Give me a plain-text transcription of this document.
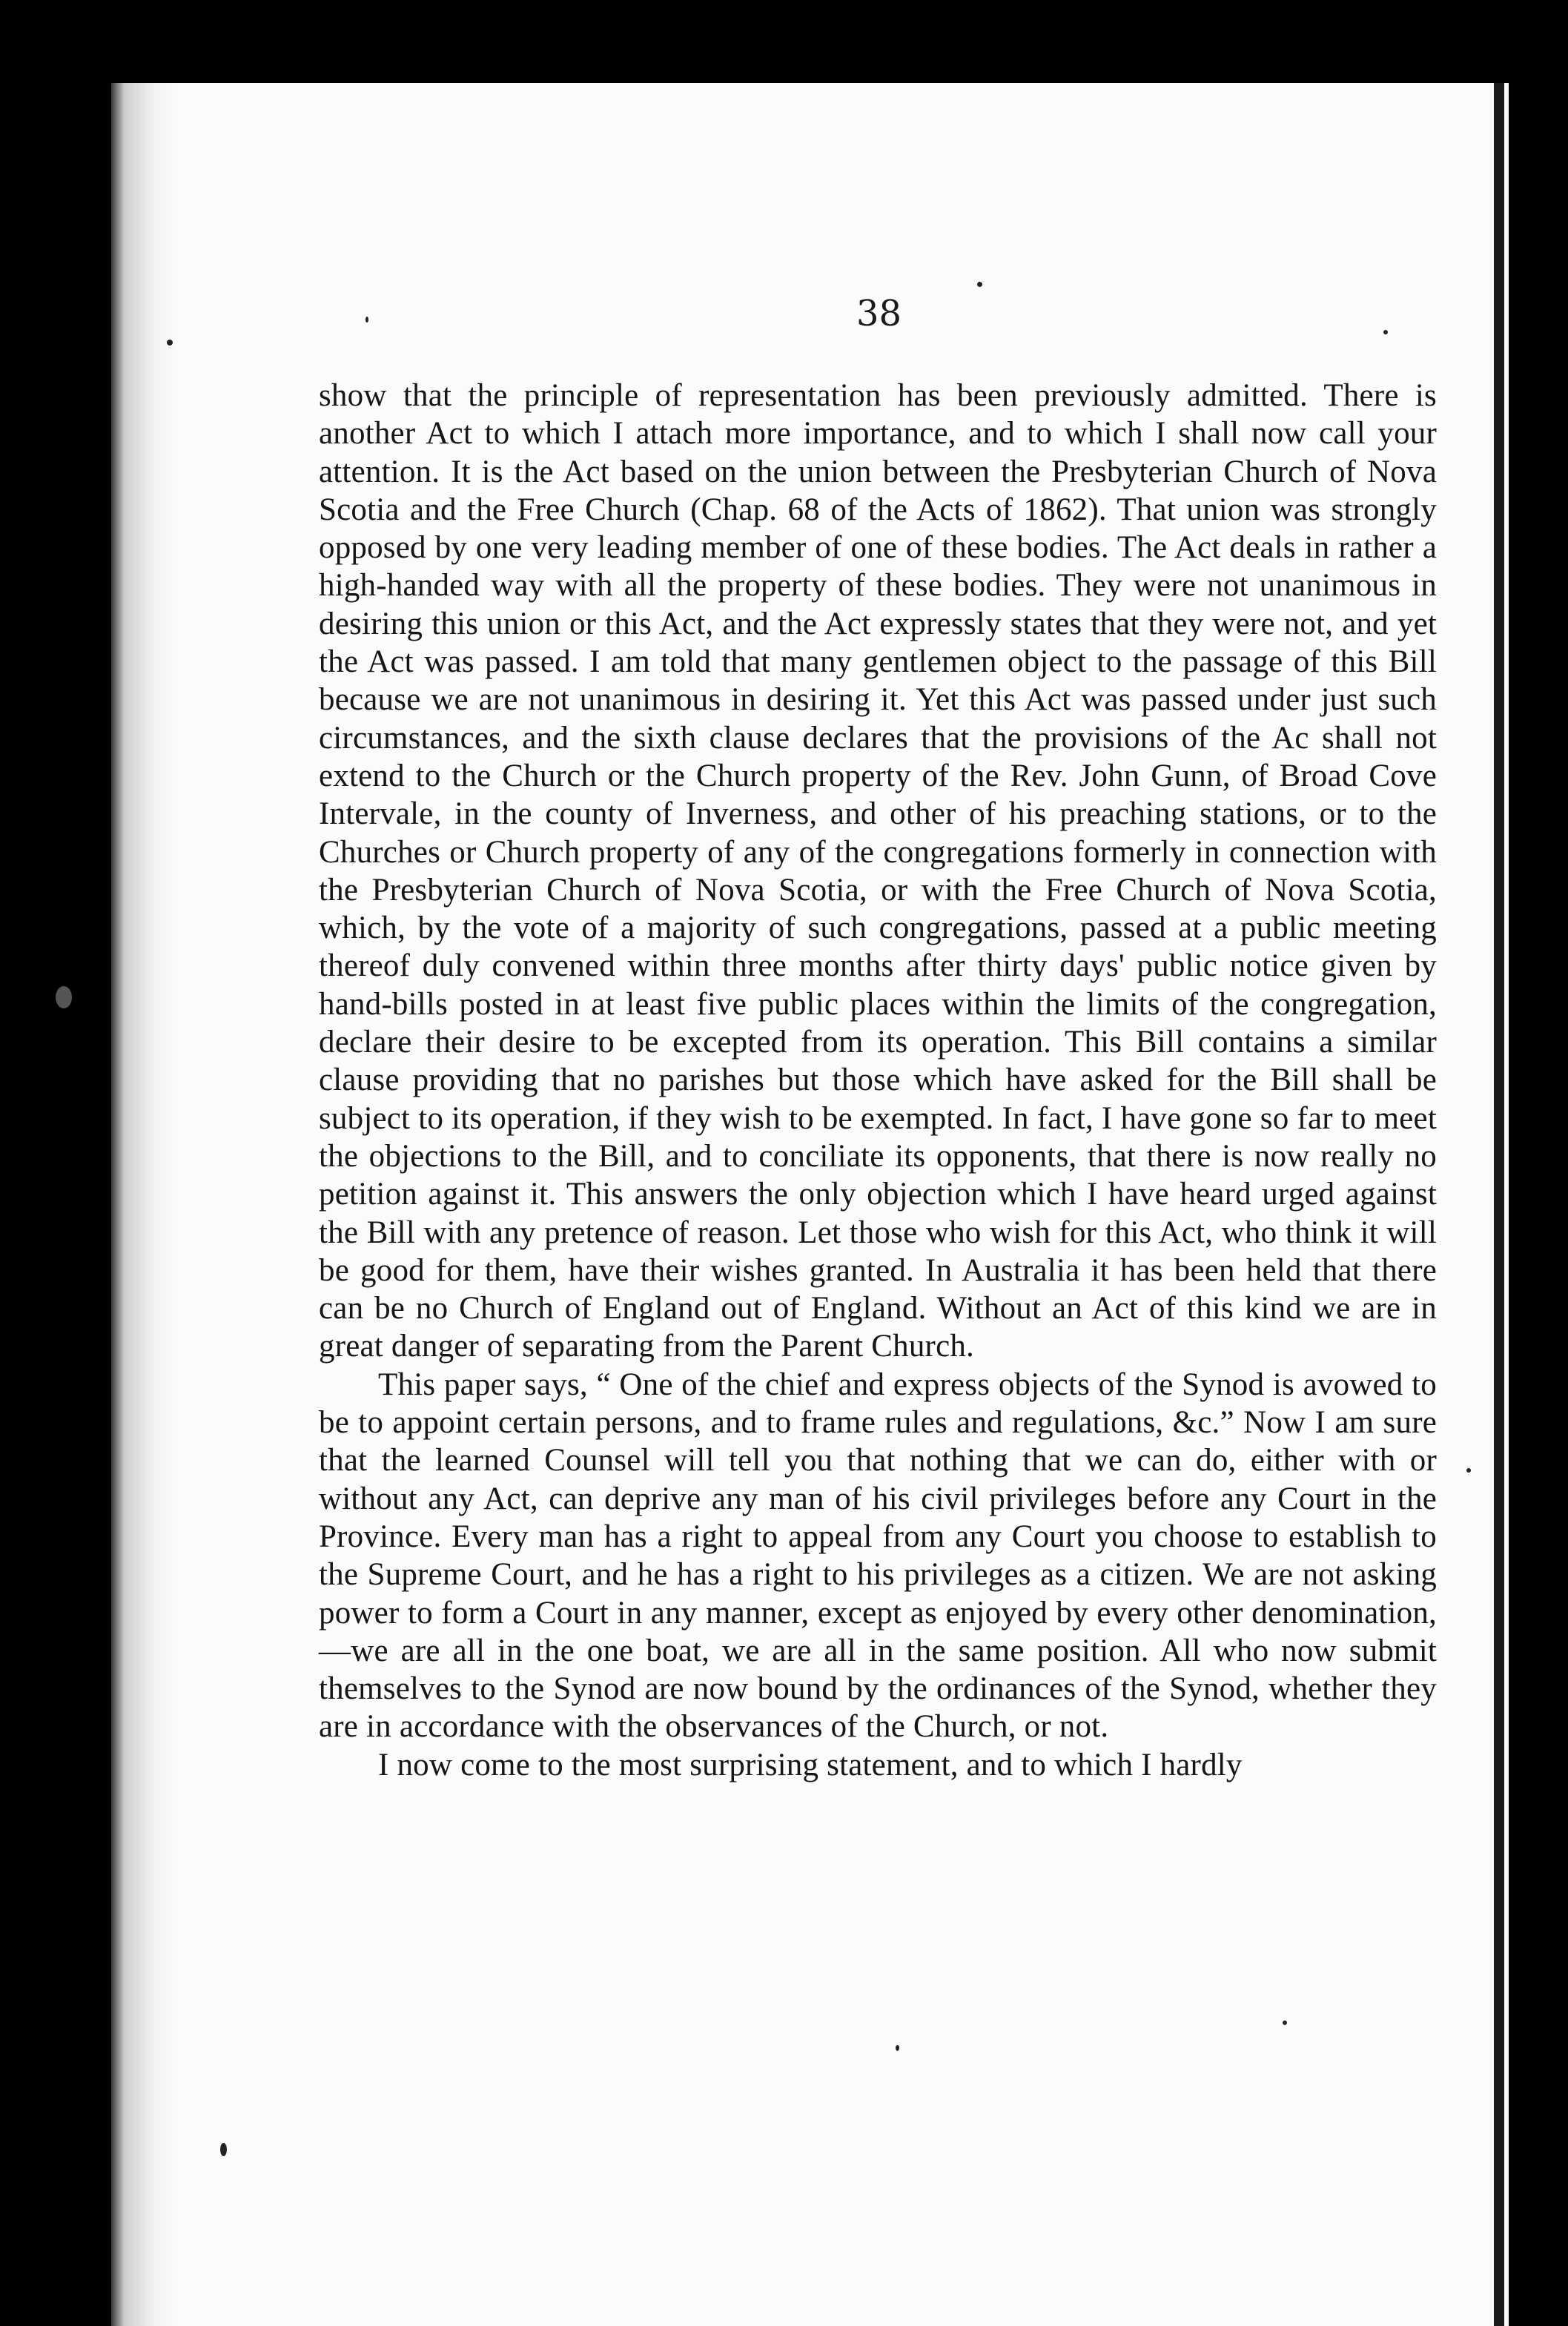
38

show that the principle of representation has been previously admitted. There is another Act to which I attach more importance, and to which I shall now call your attention. It is the Act based on the union between the Presbyterian Church of Nova Scotia and the Free Church (Chap. 68 of the Acts of 1862). That union was strongly opposed by one very leading member of one of these bodies. The Act deals in rather a high-handed way with all the property of these bodies. They were not unanimous in desiring this union or this Act, and the Act expressly states that they were not, and yet the Act was passed. I am told that many gentlemen object to the passage of this Bill because we are not unanimous in desiring it. Yet this Act was passed under just such circumstances, and the sixth clause declares that the provisions of the Ac shall not extend to the Church or the Church property of the Rev. John Gunn, of Broad Cove Intervale, in the county of Inverness, and other of his preaching stations, or to the Churches or Church property of any of the congregations formerly in connection with the Presbyterian Church of Nova Scotia, or with the Free Church of Nova Scotia, which, by the vote of a majority of such congregations, passed at a public meeting thereof duly convened within three months after thirty days' public notice given by hand-bills posted in at least five public places within the limits of the congregation, declare their desire to be excepted from its operation. This Bill contains a similar clause providing that no parishes but those which have asked for the Bill shall be subject to its operation, if they wish to be exempted. In fact, I have gone so far to meet the objections to the Bill, and to conciliate its opponents, that there is now really no petition against it. This answers the only objection which I have heard urged against the Bill with any pretence of reason. Let those who wish for this Act, who think it will be good for them, have their wishes granted. In Australia it has been held that there can be no Church of England out of England. Without an Act of this kind we are in great danger of separating from the Parent Church.

This paper says, “ One of the chief and express objects of the Synod is avowed to be to appoint certain persons, and to frame rules and regulations, &c.” Now I am sure that the learned Counsel will tell you that nothing that we can do, either with or without any Act, can deprive any man of his civil privileges before any Court in the Province. Every man has a right to appeal from any Court you choose to establish to the Supreme Court, and he has a right to his privileges as a citizen. We are not asking power to form a Court in any manner, except as enjoyed by every other denomination,—we are all in the one boat, we are all in the same position. All who now submit themselves to the Synod are now bound by the ordinances of the Synod, whether they are in accordance with the observances of the Church, or not.

I now come to the most surprising statement, and to which I hardly
